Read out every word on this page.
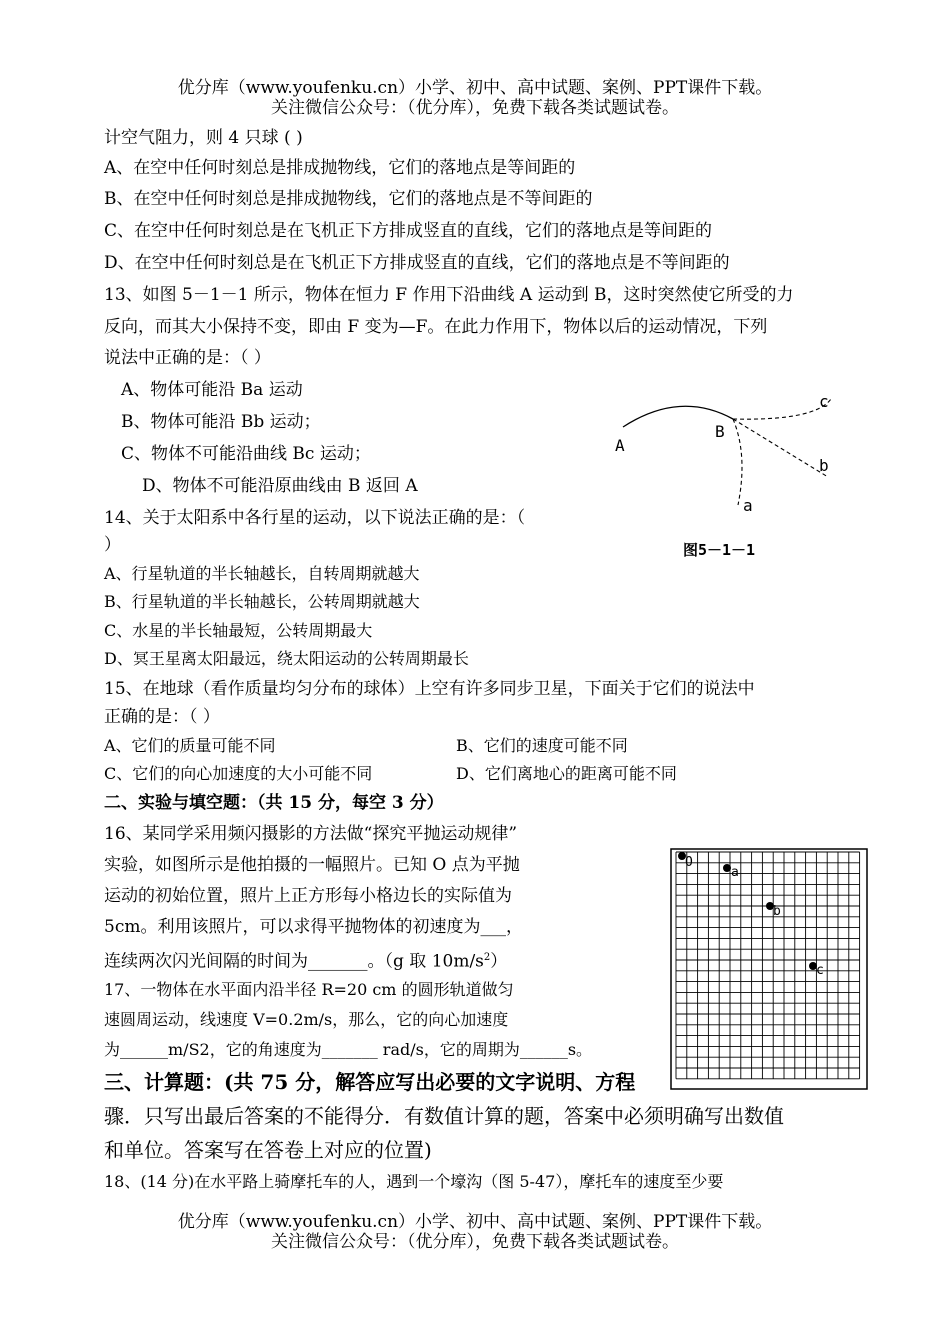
优分库（www.youfenku.cn）小学、初中、高中试题、案例、PPT课件下载。
关注微信公众号：（优分库），免费下载各类试题试卷。
计空气阻力，则 4 只球 ( )
A、在空中任何时刻总是排成抛物线，它们的落地点是等间距的
B、在空中任何时刻总是排成抛物线，它们的落地点是不等间距的
C、在空中任何时刻总是在飞机正下方排成竖直的直线，它们的落地点是等间距的
D、在空中任何时刻总是在飞机正下方排成竖直的直线，它们的落地点是不等间距的
13、如图 5－1－1 所示，物体在恒力 F 作用下沿曲线 A 运动到 B，这时突然使它所受的力
反向，而其大小保持不变，即由 F 变为—F。在此力作用下，物体以后的运动情况，下列
说法中正确的是：（ ）
A、物体可能沿 Ba 运动
B、物体可能沿 Bb 运动；
C、物体不可能沿曲线 Bc 运动；
D、物体不可能沿原曲线由 B 返回 A
A
B
c
b
a
图5－1－1
14、关于太阳系中各行星的运动，以下说法正确的是：（
）
A、行星轨道的半长轴越长，自转周期就越大
B、行星轨道的半长轴越长，公转周期就越大
C、水星的半长轴最短，公转周期最大
D、冥王星离太阳最远，绕太阳运动的公转周期最长
15、在地球（看作质量均匀分布的球体）上空有许多同步卫星，下面关于它们的说法中
正确的是：（ ）
A、它们的质量可能不同	B、它们的速度可能不同
C、它们的向心加速度的大小可能不同	D、它们离地心的距离可能不同
二、实验与填空题：（共 15 分，每空 3 分）
16、某同学采用频闪摄影的方法做“探究平抛运动规律”
实验，如图所示是他拍摄的一幅照片。已知 O 点为平抛
运动的初始位置，照片上正方形每小格边长的实际值为
5cm。利用该照片，可以求得平抛物体的初速度为___，
连续两次闪光间隔的时间为_______。（g 取 $10m/s^2$）
O
a
b
c
17、一物体在水平面内沿半径 R=20 cm 的圆形轨道做匀
速圆周运动，线速度 V=0.2m/s，那么，它的向心加速度
为______m/S2，它的角速度为_______ rad/s，它的周期为______s。
三、计算题：(共 75 分，解答应写出必要的文字说明、方程
骤．只写出最后答案的不能得分．有数值计算的题，答案中必须明确写出数值
和单位。答案写在答卷上对应的位置)
18、(14 分)在水平路上骑摩托车的人，遇到一个壕沟（图 5-47），摩托车的速度至少要
优分库（www.youfenku.cn）小学、初中、高中试题、案例、PPT课件下载。
关注微信公众号：（优分库），免费下载各类试题试卷。
